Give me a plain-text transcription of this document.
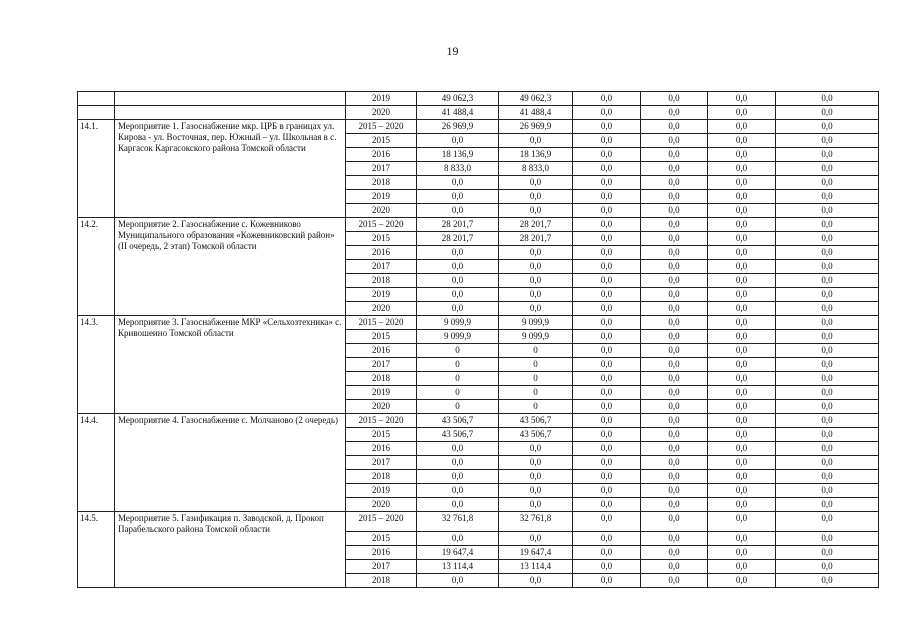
19
		2019	49 062,3	49 062,3	0,0	0,0	0,0	0,0
		2020	41 488,4	41 488,4	0,0	0,0	0,0	0,0
14.1.	Мероприятие 1. Газоснабжение мкр. ЦРБ в границах ул. Кирова - ул. Восточная, пер. Южный – ул. Школьная в с. Каргасок Каргасокского района Томской области	2015 – 2020	26 969,9	26 969,9	0,0	0,0	0,0	0,0
		2015	0,0	0,0	0,0	0,0	0,0	0,0
		2016	18 136,9	18 136,9	0,0	0,0	0,0	0,0
		2017	8 833,0	8 833,0	0,0	0,0	0,0	0,0
		2018	0,0	0,0	0,0	0,0	0,0	0,0
		2019	0,0	0,0	0,0	0,0	0,0	0,0
		2020	0,0	0,0	0,0	0,0	0,0	0,0
14.2.	Мероприятие 2. Газоснабжение с. Кожевниково Муниципального образования «Кожевниковский район» (II очередь, 2 этап) Томской области	2015 – 2020	28 201,7	28 201,7	0,0	0,0	0,0	0,0
		2015	28 201,7	28 201,7	0,0	0,0	0,0	0,0
		2016	0,0	0,0	0,0	0,0	0,0	0,0
		2017	0,0	0,0	0,0	0,0	0,0	0,0
		2018	0,0	0,0	0,0	0,0	0,0	0,0
		2019	0,0	0,0	0,0	0,0	0,0	0,0
		2020	0,0	0,0	0,0	0,0	0,0	0,0
14.3.	Мероприятие 3. Газоснабжение МКР «Сельхозтехника» с. Кривошеино Томской области	2015 – 2020	9 099,9	9 099,9	0,0	0,0	0,0	0,0
		2015	9 099,9	9 099,9	0,0	0,0	0,0	0,0
		2016	0	0	0,0	0,0	0,0	0,0
		2017	0	0	0,0	0,0	0,0	0,0
		2018	0	0	0,0	0,0	0,0	0,0
		2019	0	0	0,0	0,0	0,0	0,0
		2020	0	0	0,0	0,0	0,0	0,0
14.4.	Мероприятие 4. Газоснабжение с. Молчаново (2 очередь)	2015 – 2020	43 506,7	43 506,7	0,0	0,0	0,0	0,0
		2015	43 506,7	43 506,7	0,0	0,0	0,0	0,0
		2016	0,0	0,0	0,0	0,0	0,0	0,0
		2017	0,0	0,0	0,0	0,0	0,0	0,0
		2018	0,0	0,0	0,0	0,0	0,0	0,0
		2019	0,0	0,0	0,0	0,0	0,0	0,0
		2020	0,0	0,0	0,0	0,0	0,0	0,0
14.5.	Мероприятие 5. Газификация п. Заводской, д. Прокоп Парабельского района Томской области	2015 – 2020	32 761,8	32 761,8	0,0	0,0	0,0	0,0
		2015	0,0	0,0	0,0	0,0	0,0	0,0
		2016	19 647,4	19 647,4	0,0	0,0	0,0	0,0
		2017	13 114,4	13 114,4	0,0	0,0	0,0	0,0
		2018	0,0	0,0	0,0	0,0	0,0	0,0
